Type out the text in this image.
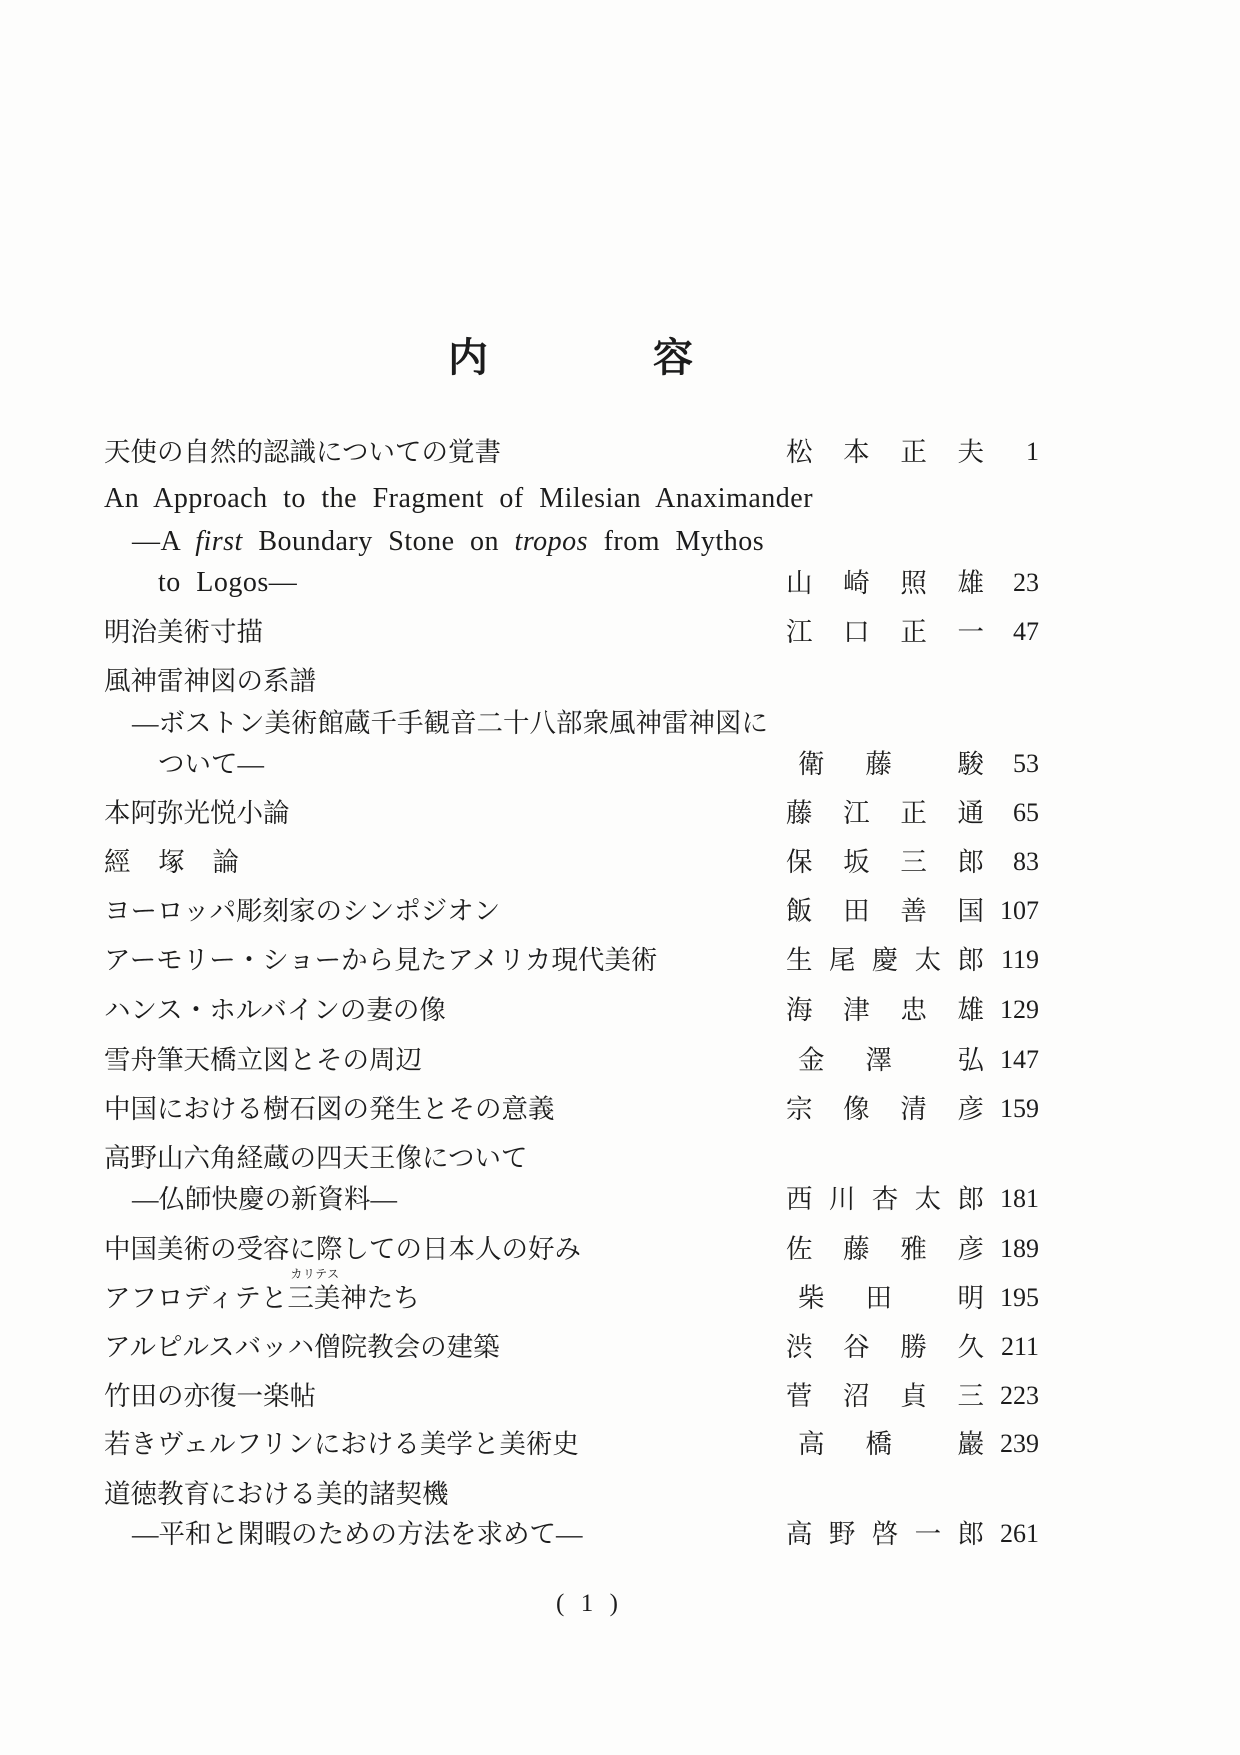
内	容
天使の自然的認識についての覚書	松 本 正 夫 1
An Approach to the Fragment of Milesian Anaximander
—A first Boundary Stone on tropos from Mythos
to Logos—	山 崎 照 雄 23
明治美術寸描	江 口 正 一 47
風神雷神図の系譜
—ボストン美術館蔵千手観音二十八部衆風神雷神図に
ついて—	衛 藤 駿 53
本阿弥光悦小論	藤 江 正 通 65
經 塚 論	保 坂 三 郎 83
ヨーロッパ彫刻家のシンポジオン	飯 田 善 国 107
アーモリー・ショーから見たアメリカ現代美術	生 尾 慶 太 郎 119
ハンス・ホルバインの妻の像	海 津 忠 雄 129
雪舟筆天橋立図とその周辺	金 澤 弘 147
中国における樹石図の発生とその意義	宗 像 清 彦 159
高野山六角経蔵の四天王像について
—仏師快慶の新資料—	西 川 杏 太 郎 181
中国美術の受容に際しての日本人の好み	佐 藤 雅 彦 189
アフロディテと三美神
カリテス
たち	柴 田 明 195
アルピルスバッハ僧院教会の建築	渋 谷 勝 久 211
竹田の亦復一楽帖	菅 沼 貞 三 223
若きヴェルフリンにおける美学と美術史	高 橋 巖 239
道徳教育における美的諸契機
—平和と閑暇のための方法を求めて—	高 野 啓 一 郎 261
( 1 )
